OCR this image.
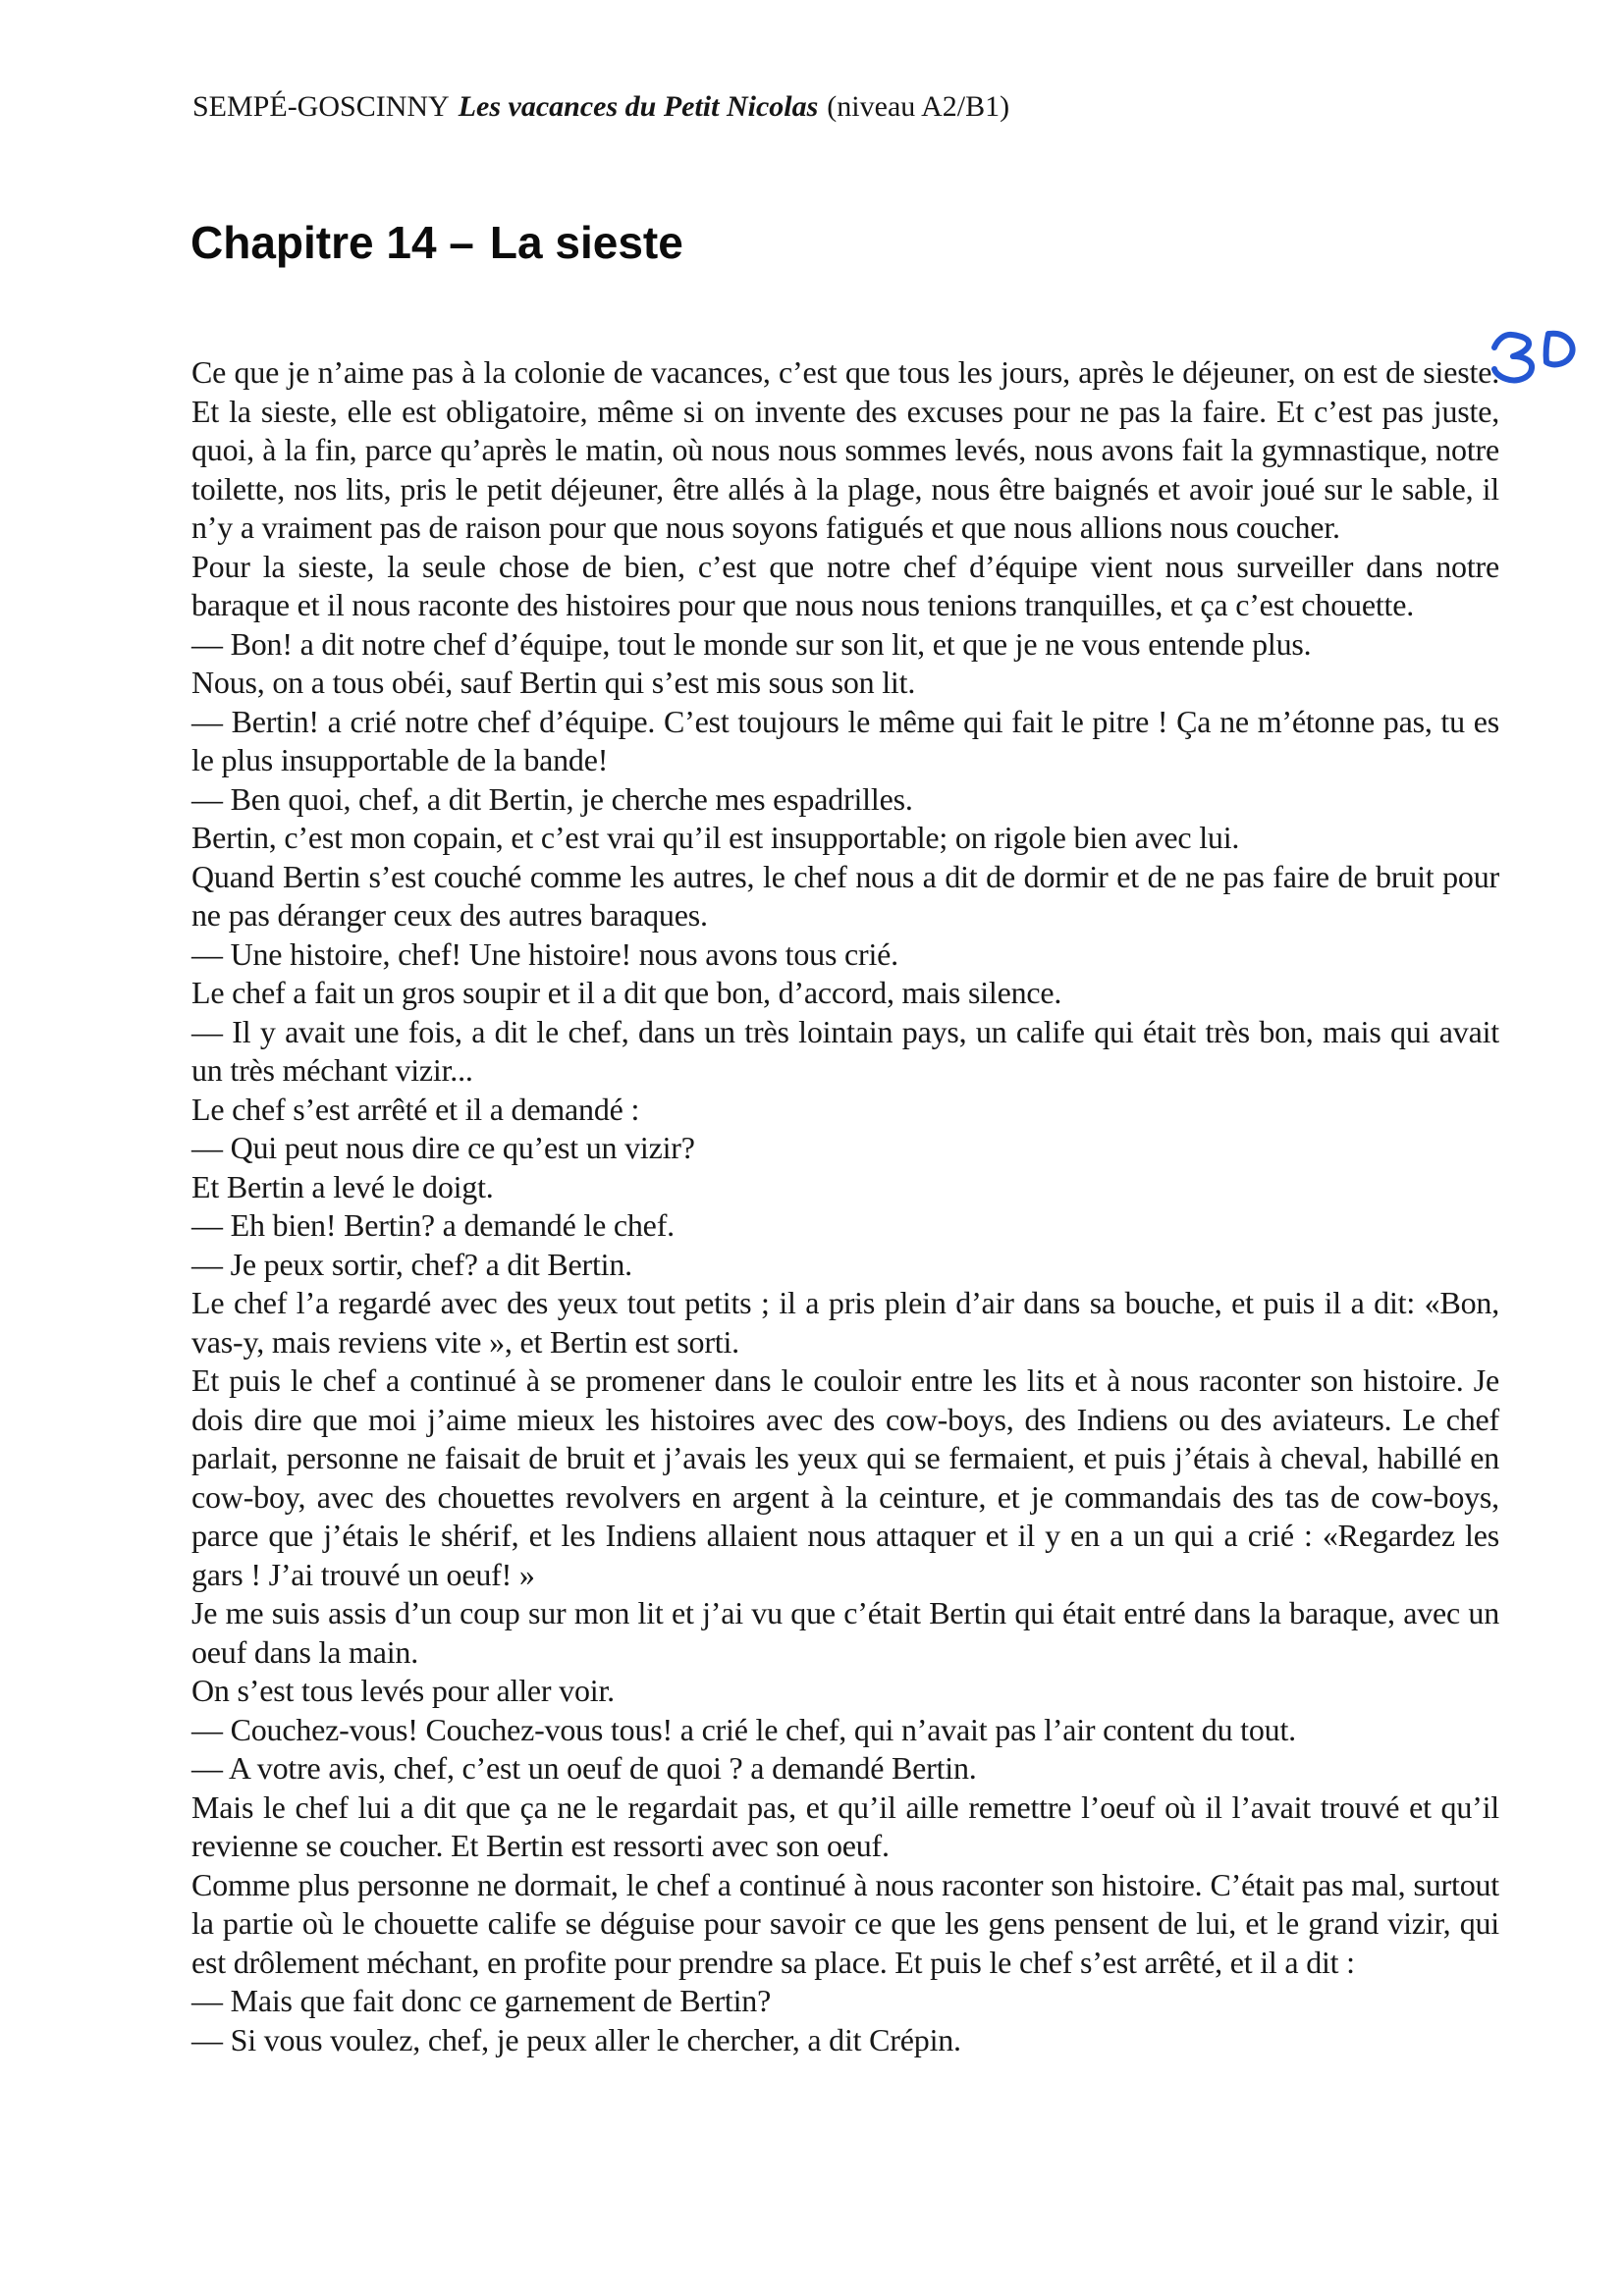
SEMPÉ-GOSCINNY Les vacances du Petit Nicolas (niveau A2/B1)
Chapitre 14 – La sieste

Ce que je n’aime pas à la colonie de vacances, c’est que tous les jours, après le déjeuner, on est de sieste. Et la sieste, elle est obligatoire, même si on invente des excuses pour ne pas la faire. Et c’est pas juste, quoi, à la fin, parce qu’après le matin, où nous nous sommes levés, nous avons fait la gymnastique, notre toilette, nos lits, pris le petit déjeuner, être allés à la plage, nous être baignés et avoir joué sur le sable, il n’y a vraiment pas de raison pour que nous soyons fatigués et que nous allions nous coucher.

Pour la sieste, la seule chose de bien, c’est que notre chef d’équipe vient nous surveiller dans notre baraque et il nous raconte des histoires pour que nous nous tenions tranquilles, et ça c’est chouette.

— Bon! a dit notre chef d’équipe, tout le monde sur son lit, et que je ne vous entende plus.

Nous, on a tous obéi, sauf Bertin qui s’est mis sous son lit.

— Bertin! a crié notre chef d’équipe. C’est toujours le même qui fait le pitre ! Ça ne m’étonne pas, tu es le plus insupportable de la bande!

— Ben quoi, chef, a dit Bertin, je cherche mes espadrilles.

Bertin, c’est mon copain, et c’est vrai qu’il est insupportable; on rigole bien avec lui.

Quand Bertin s’est couché comme les autres, le chef nous a dit de dormir et de ne pas faire de bruit pour ne pas déranger ceux des autres baraques.

— Une histoire, chef! Une histoire! nous avons tous crié.

Le chef a fait un gros soupir et il a dit que bon, d’accord, mais silence.

— Il y avait une fois, a dit le chef, dans un très lointain pays, un calife qui était très bon, mais qui avait un très méchant vizir...

Le chef s’est arrêté et il a demandé :

— Qui peut nous dire ce qu’est un vizir?

Et Bertin a levé le doigt.

— Eh bien! Bertin? a demandé le chef.

— Je peux sortir, chef? a dit Bertin.

Le chef l’a regardé avec des yeux tout petits ; il a pris plein d’air dans sa bouche, et puis il a dit: «Bon, vas-y, mais reviens vite », et Bertin est sorti.

Et puis le chef a continué à se promener dans le couloir entre les lits et à nous raconter son histoire. Je dois dire que moi j’aime mieux les histoires avec des cow-boys, des Indiens ou des aviateurs. Le chef parlait, personne ne faisait de bruit et j’avais les yeux qui se fermaient, et puis j’étais à cheval, habillé en cow-boy, avec des chouettes revolvers en argent à la ceinture, et je commandais des tas de cow-boys, parce que j’étais le shérif, et les Indiens allaient nous attaquer et il y en a un qui a crié : «Regardez les gars ! J’ai trouvé un oeuf! »

Je me suis assis d’un coup sur mon lit et j’ai vu que c’était Bertin qui était entré dans la baraque, avec un oeuf dans la main.

On s’est tous levés pour aller voir.

— Couchez-vous! Couchez-vous tous! a crié le chef, qui n’avait pas l’air content du tout.

— A votre avis, chef, c’est un oeuf de quoi ? a demandé Bertin.

Mais le chef lui a dit que ça ne le regardait pas, et qu’il aille remettre l’oeuf où il l’avait trouvé et qu’il revienne se coucher. Et Bertin est ressorti avec son oeuf.

Comme plus personne ne dormait, le chef a continué à nous raconter son histoire. C’était pas mal, surtout la partie où le chouette calife se déguise pour savoir ce que les gens pensent de lui, et le grand vizir, qui est drôlement méchant, en profite pour prendre sa place. Et puis le chef s’est arrêté, et il a dit :

— Mais que fait donc ce garnement de Bertin?

— Si vous voulez, chef, je peux aller le chercher, a dit Crépin.
